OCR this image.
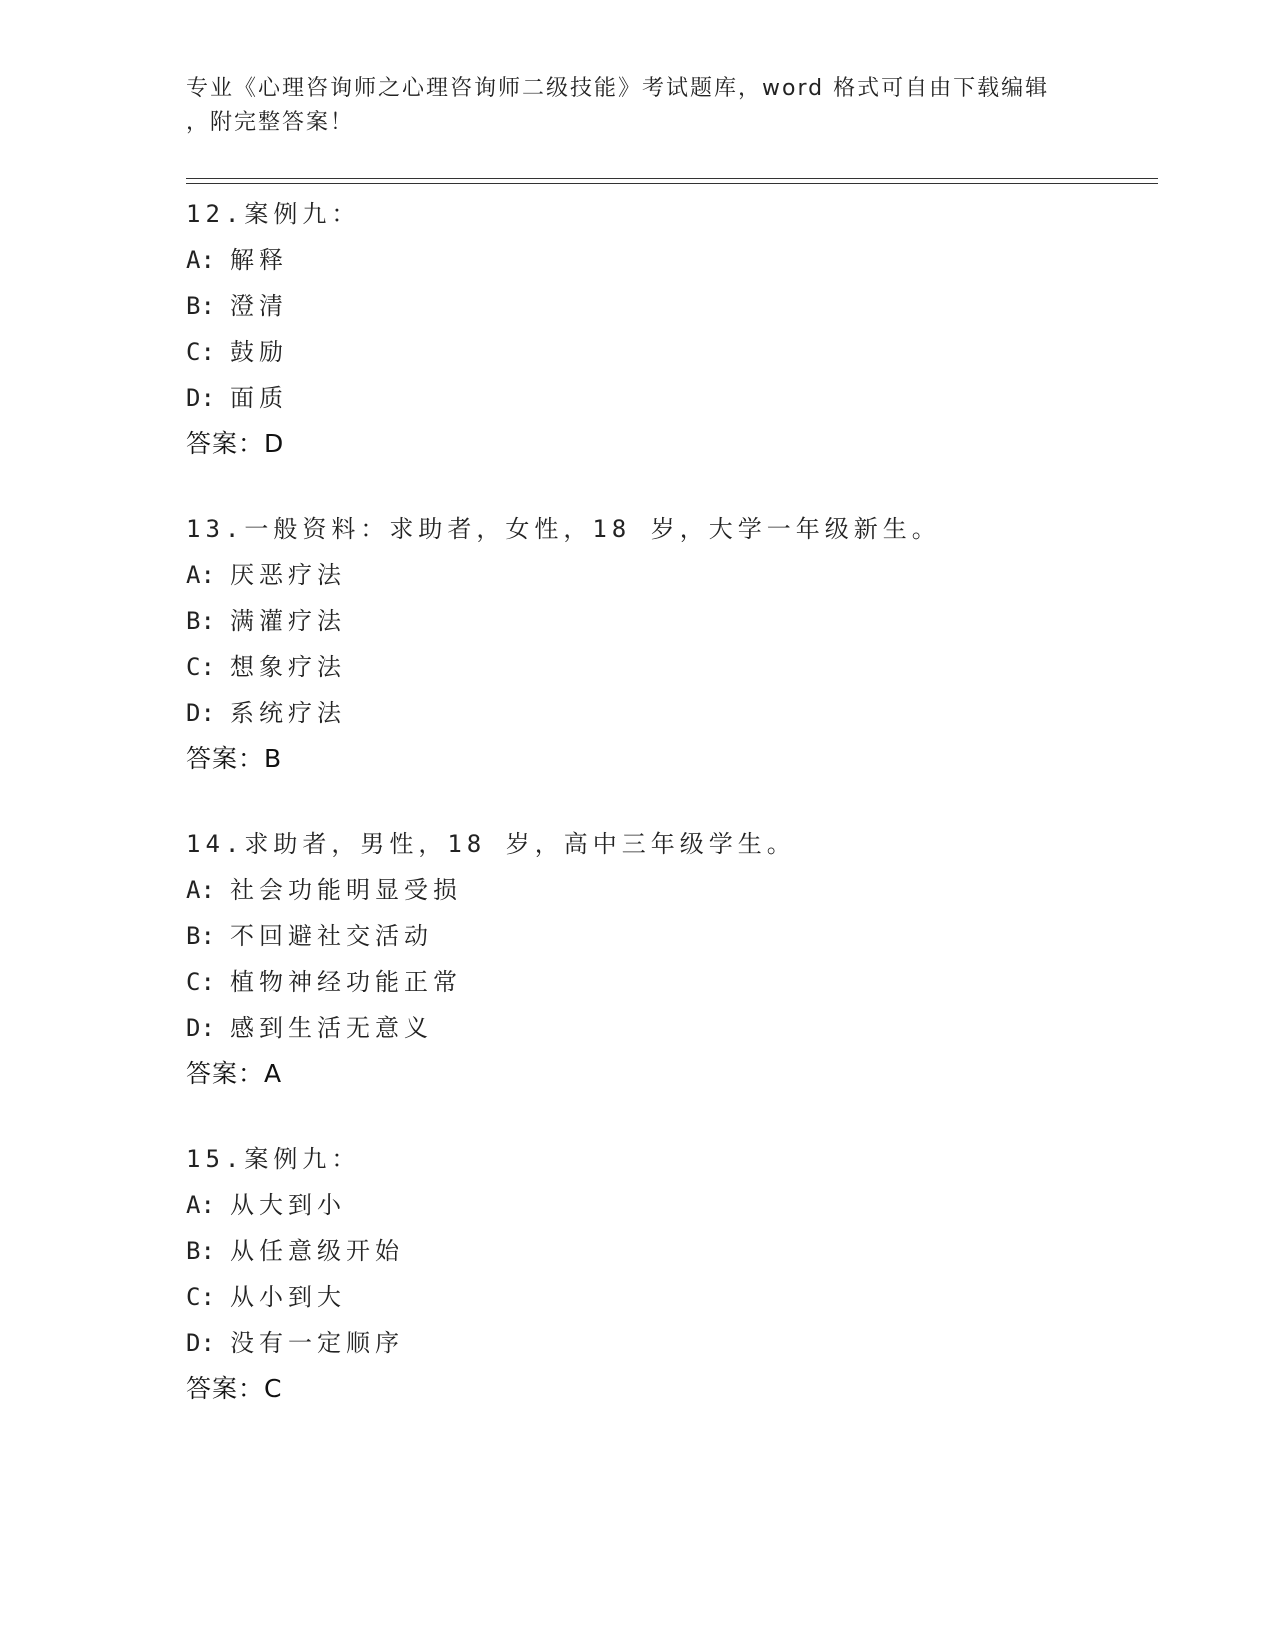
专业《心理咨询师之心理咨询师二级技能》考试题库，word 格式可自由下载编辑
，附完整答案！
12.案例九：
A: 解释
B: 澄清
C: 鼓励
D: 面质
答案：D
13.一般资料：求助者，女性，18 岁，大学一年级新生。
A: 厌恶疗法
B: 满灌疗法
C: 想象疗法
D: 系统疗法
答案：B
14.求助者，男性，18 岁，高中三年级学生。
A: 社会功能明显受损
B: 不回避社交活动
C: 植物神经功能正常
D: 感到生活无意义
答案：A
15.案例九：
A: 从大到小
B: 从任意级开始
C: 从小到大
D: 没有一定顺序
答案：C
